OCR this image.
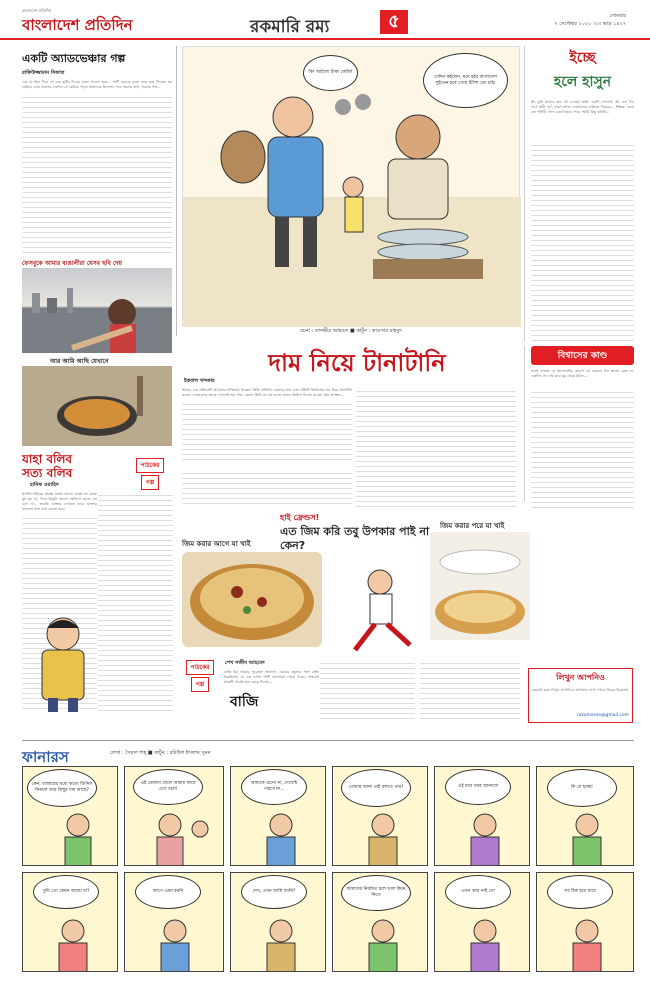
বাংলাদেশ প্রতিদিন
বাংলাদেশ প্রতিদিন	রকমারি রম্য	৫	সোমবার
৭ সেপ্টেম্বর ২০২০ ।২৩ ভাদ্র ১৪২৭
একটি অ্যাডভেঞ্চার গল্প
রাফিউজ্জামান সিফাত
এক যে ছিল দিন। সে এক ছুটির দিনের মতো আনন্দ ভরা... পার্টি বড়দের মতো করে তার নিজের ঘর গুছিয়ে নেয়। তারপর একদিন সে বেরিয়ে পড়ল অজানার উদ্দেশে। পথে অনেক বাধা, অনেক গল্প...
ফেসবুকে আমার বাঙালীরা যেসব ছবি দেয়
আর আমি আছি যেখানে
যাহা বলিব
সত্য বলিব
পাঠকের
গল্প
হানিফ ওয়াহিদ
ইদানীং শরীরের অবস্থা তেমন ভালো যাচ্ছে না। রাতে ঘুম হয় না, দিনে ঝিমুনি আসে। অফিসে কাজে মন বসে না... ভাবছি ডাক্তার দেখাতে হবে। ডাক্তার বললেন সত্য কথা বলতে হবে।
কি! আটশো টাকা কেজি!
সেদিন কইলেন, মনে হইব বাংলাদেশ সুইডেন হবে গেছে ইলিশ তো চাই।
রচনা : তানভীর আহমেদ ■ কার্টুন : কাওসার মাহমুদ
ইচ্ছে
হলে হাসুন
স্ত্রী: তুমি আমার জন্য কী এনেছ? স্বামী: একটি গোলাপ। স্ত্রী: এত দিন পর? স্বামী: হ্যাঁ, কারণ আজ দোকানদার বাকিতে দিয়েছে... শিক্ষক: বলো তো পৃথিবী গোল কেন? ছাত্র: স্যার, আমি কিছু করিনি...
দাম নিয়ে টানাটানি
ইকবাল খন্দকার
আমার এক প্রতিবেশী আমাদের বিল্ডিংয়ে থাকেন। তিনি প্রতিদিন বাজারে যান এবং প্রতিটি জিনিসের দাম নিয়ে টানাটানি করেন। দোকানদার তাকে দেখলেই ভয় পায়। কেননা তিনি যে দাম বলেন তাতে জিনিস পাওয়া যাওয়া প্রায় অসম্ভব...
বিশ্বাসের কাণ্ড
সবাই জানত যে আলসেমির কারণে সে কোনো দিন কাজে যেত না। একদিন সে দেরি করে ঘুম থেকে উঠল...
হাই ফ্রেন্ডস!
এত জিম করি তবু উপকার পাই না কেন?
জিম করার আগে যা খাই
জিম করার পরে যা খাই
পাঠকের
গল্প
শেখ সজীব আহমেদ
বাজি
বাজি ধরা আমার পুরোনো অভ্যাস। একবার বন্ধুদের সঙ্গে বাজি ধরেছিলাম যে এক বসায় দশটি রসগোল্লা খেতে পারব। শেষমেশ সাতটি খেয়েই হাল ছেড়ে দিলাম...	লিখুন আপনিও
রকমারি রম্যে লিখুন আপনিও। আপনার লেখা পাঠান নিচের ঠিকানায়
rokomaree@gmail.com
ফানারস	লেখা : সৈয়দা শাহ্‌ ■ কার্টুন : রবিউল ইসলাম সুমন
কেন, বাজারের মধ্যে কতো জিনিস কিনলে আর কিছুর দাম আছে?
এই বেয়াদব ছেলে আমার কাছে এসে বলে!
আমাকে চেনো না, দেখেছি পারবে না...	তোমার জানা নেই বলতে পার?	এই মাত্র খবর জানাবো	কি যে হচ্ছে!
তুমি তো কেমন আছো মা?	আগে এমন হয়নি	দেখ, এখন আমি জানি?	আমাদের নিয়মিত চাল ডাল কিনে নিতে
এখন আর নাই গো	সব ঠিক হয়ে যাবে
